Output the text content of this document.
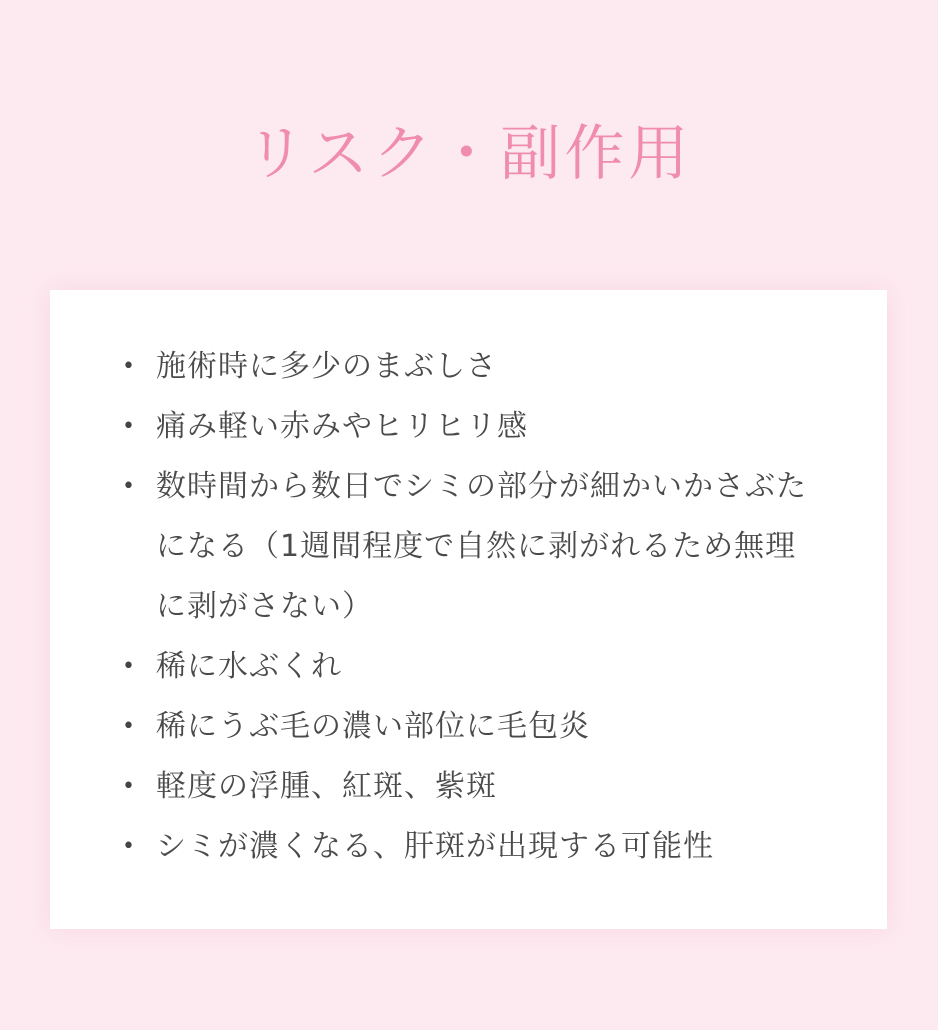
リスク・副作用
• 施術時に多少のまぶしさ
• 痛み軽い赤みやヒリヒリ感
• 数時間から数日でシミの部分が細かいかさぶたになる（1週間程度で自然に剥がれるため無理に剥がさない）
• 稀に水ぶくれ
• 稀にうぶ毛の濃い部位に毛包炎
• 軽度の浮腫、紅斑、紫斑
• シミが濃くなる、肝斑が出現する可能性
